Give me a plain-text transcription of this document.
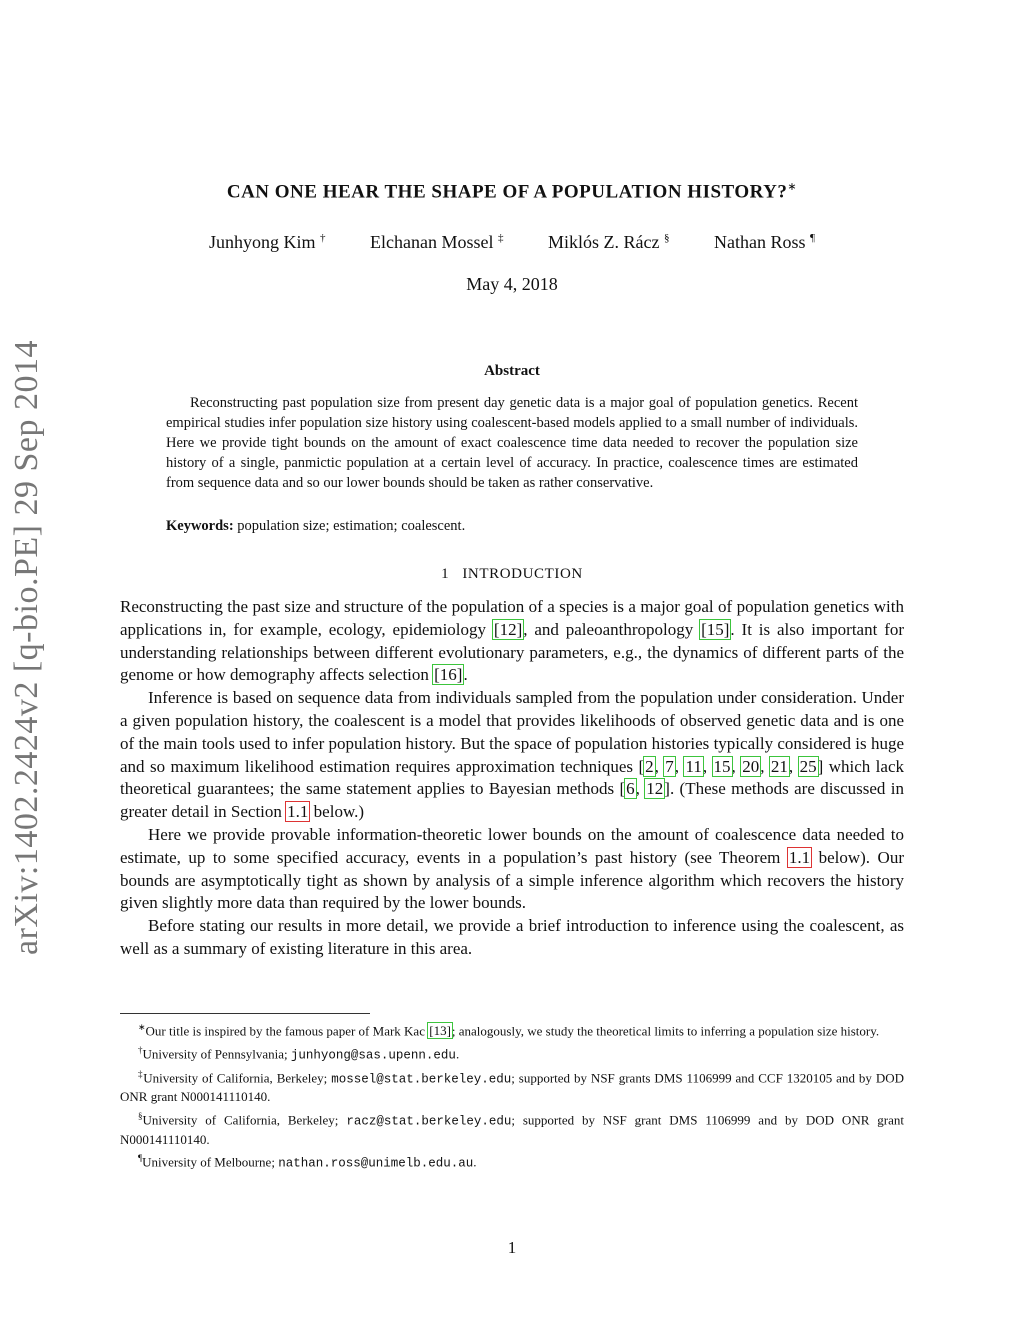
arXiv:1402.2424v2 [q-bio.PE] 29 Sep 2014
CAN ONE HEAR THE SHAPE OF A POPULATION HISTORY?∗
Junhyong Kim † Elchanan Mossel ‡ Miklós Z. Rácz § Nathan Ross ¶
May 4, 2018
Abstract
Reconstructing past population size from present day genetic data is a major goal of population genetics. Recent empirical studies infer population size history using coalescent-based models applied to a small number of individuals. Here we provide tight bounds on the amount of exact coalescence time data needed to recover the population size history of a single, panmictic population at a certain level of accuracy. In practice, coalescence times are estimated from sequence data and so our lower bounds should be taken as rather conservative.
Keywords: population size; estimation; coalescent.
1 INTRODUCTION

Reconstructing the past size and structure of the population of a species is a major goal of population genetics with applications in, for example, ecology, epidemiology [12], and paleoanthropology [15]. It is also important for understanding relationships between different evolutionary parameters, e.g., the dynamics of different parts of the genome or how demography affects selection [16].

Inference is based on sequence data from individuals sampled from the population under consideration. Under a given population history, the coalescent is a model that provides likelihoods of observed genetic data and is one of the main tools used to infer population history. But the space of population histories typically considered is huge and so maximum likelihood estimation requires approximation techniques [2, 7, 11, 15, 20, 21, 25] which lack theoretical guarantees; the same statement applies to Bayesian methods [6, 12]. (These methods are discussed in greater detail in Section 1.1 below.)

Here we provide provable information-theoretic lower bounds on the amount of coalescence data needed to estimate, up to some specified accuracy, events in a population’s past history (see Theorem 1.1 below). Our bounds are asymptotically tight as shown by analysis of a simple inference algorithm which recovers the history given slightly more data than required by the lower bounds.

Before stating our results in more detail, we provide a brief introduction to inference using the coalescent, as well as a summary of existing literature in this area.

∗Our title is inspired by the famous paper of Mark Kac [13]; analogously, we study the theoretical limits to inferring a population size history.

†University of Pennsylvania; junhyong@sas.upenn.edu.

‡University of California, Berkeley; mossel@stat.berkeley.edu; supported by NSF grants DMS 1106999 and CCF 1320105 and by DOD ONR grant N000141110140.

§University of California, Berkeley; racz@stat.berkeley.edu; supported by NSF grant DMS 1106999 and by DOD ONR grant N000141110140.

¶University of Melbourne; nathan.ross@unimelb.edu.au.

1
